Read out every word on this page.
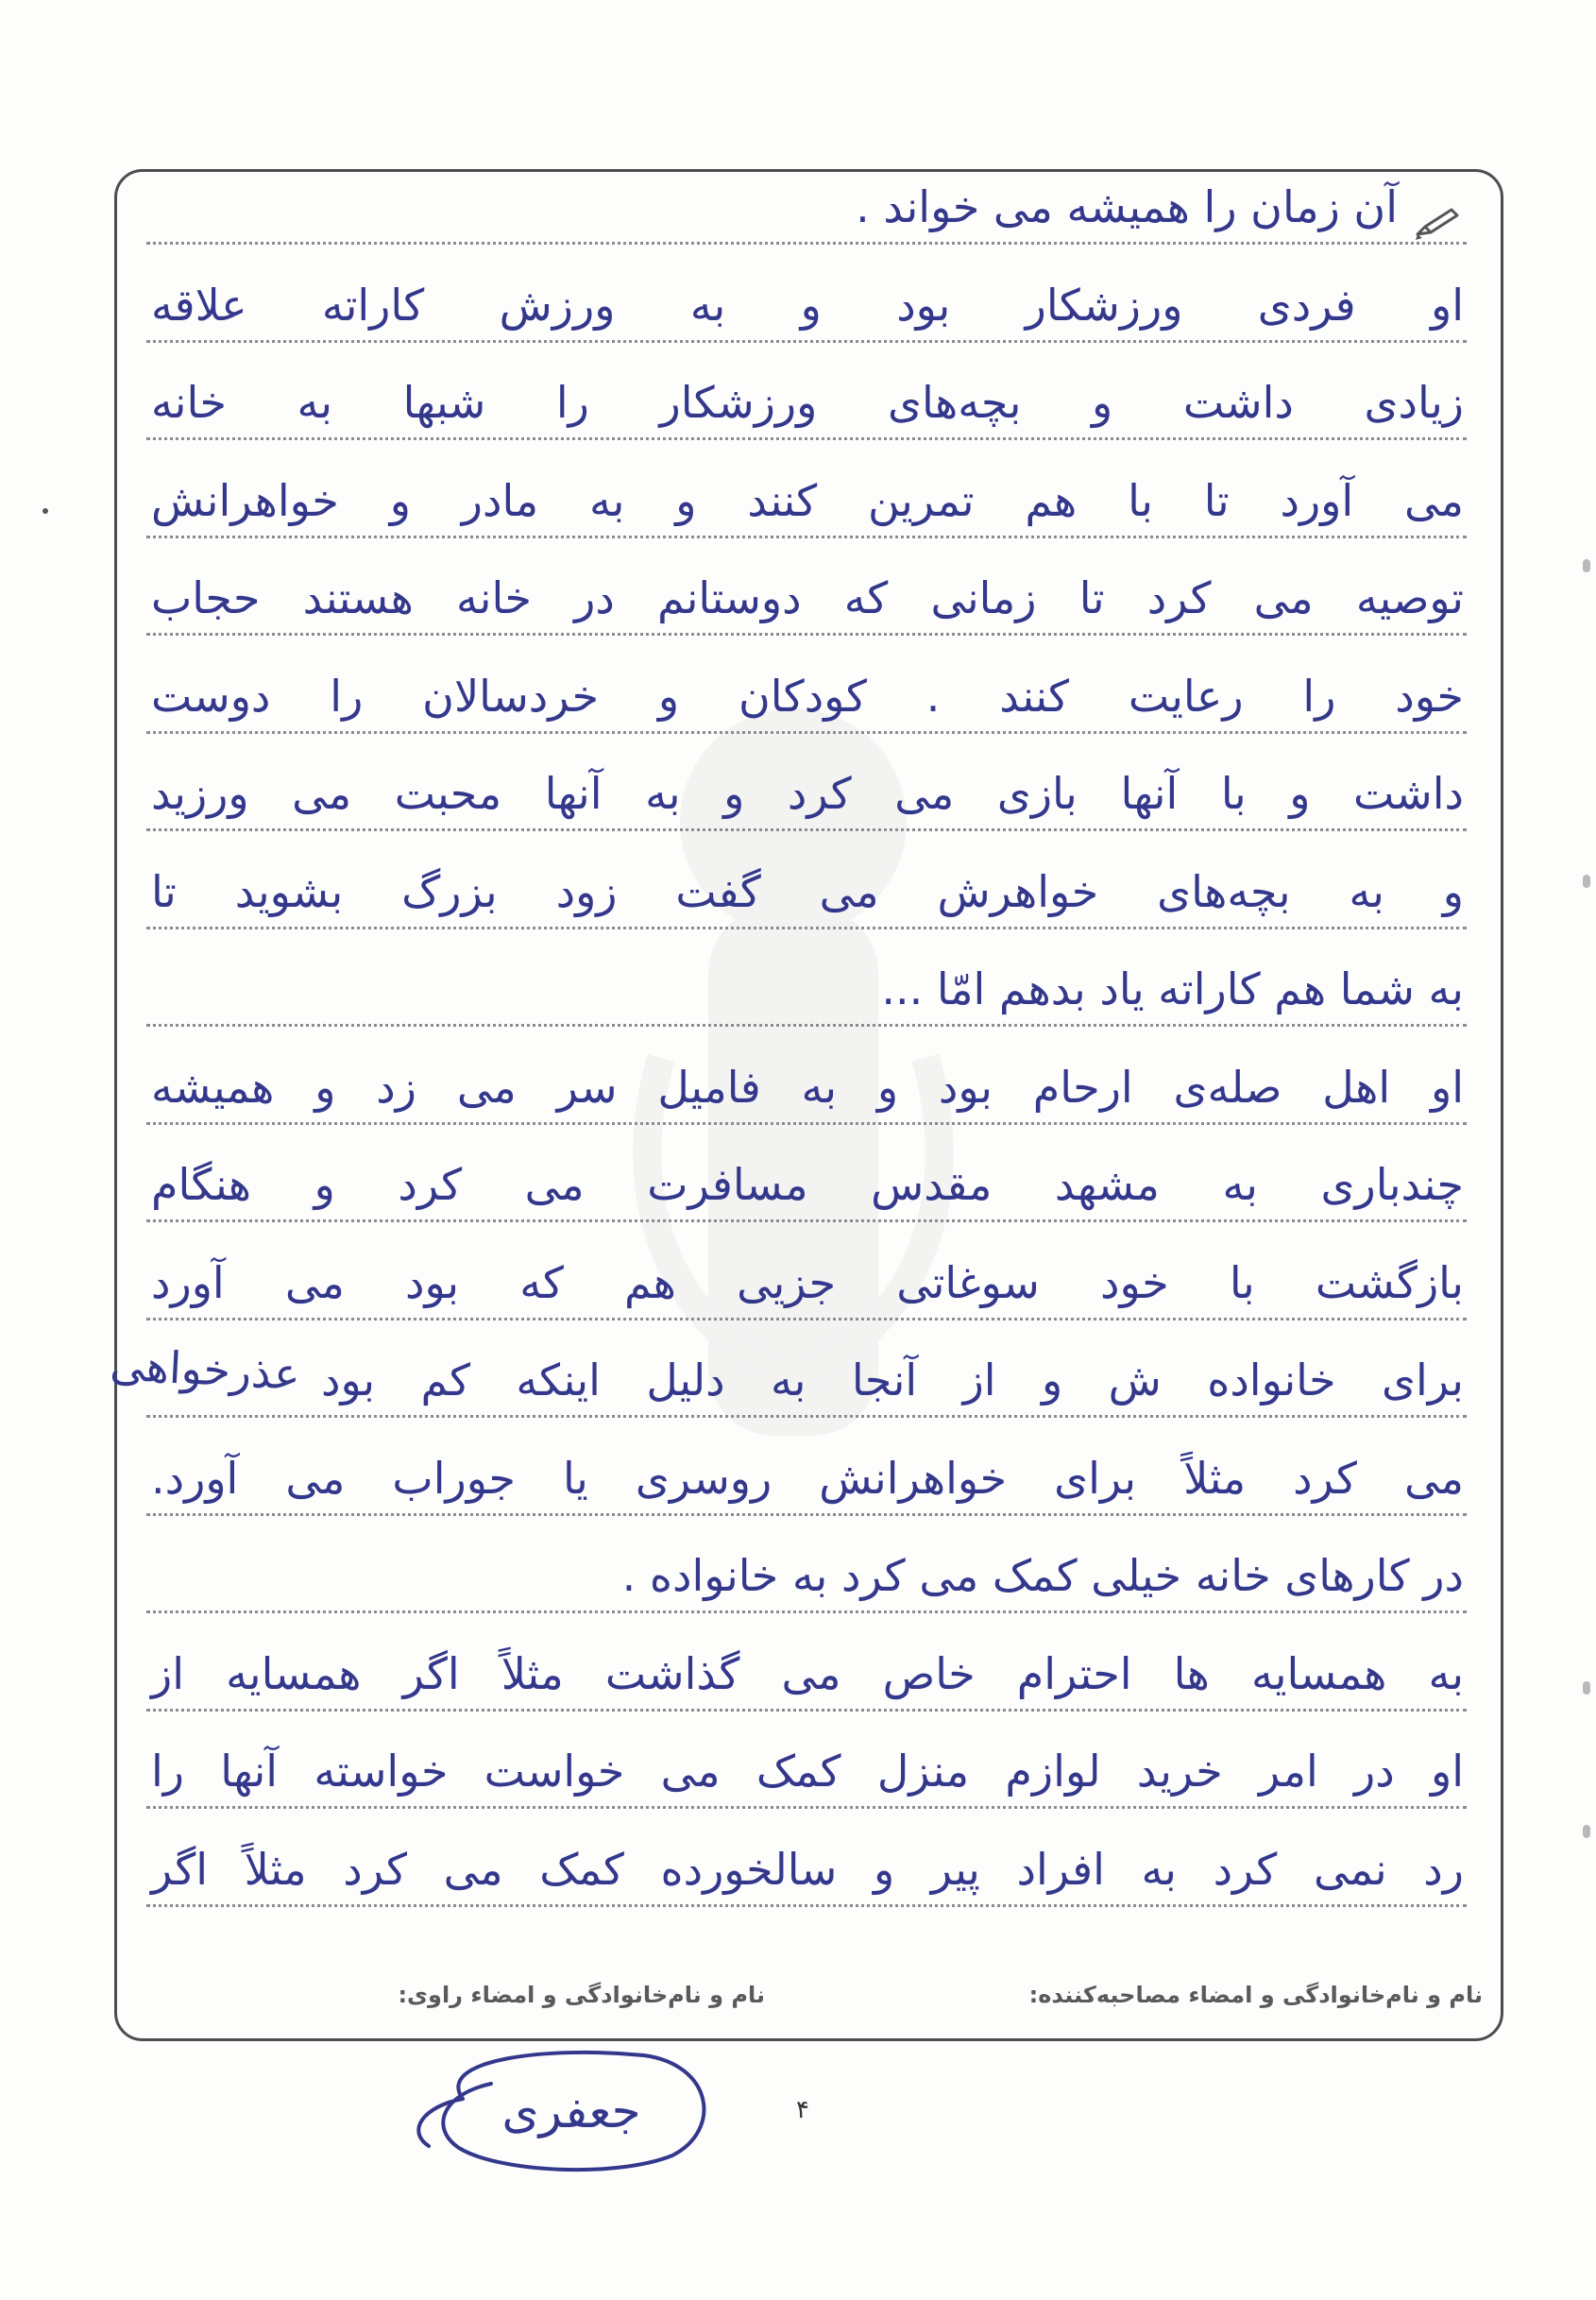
آن زمان را همیشه می خواند .
او فردی ورزشکار بود و به ورزش کاراته علاقه
زیادی داشت و بچه‌های ورزشکار را شبها به خانه
می آورد تا با هم تمرین کنند و به مادر و خواهرانش
توصیه می کرد تا زمانی که دوستانم در خانه هستند حجاب
خود را رعایت کنند . کودکان و خردسالان را دوست
داشت و با آنها بازی می کرد و به آنها محبت می ورزید
و به بچه‌های خواهرش می گفت زود بزرگ بشوید تا
به شما هم کاراته یاد بدهم امّا ...
او اهل صله‌ی ارحام بود و به فامیل سر می زد و همیشه
چندباری به مشهد مقدس مسافرت می کرد و هنگام
بازگشت با خود سوغاتی جزیی هم که بود می آورد
برای خانواده ش و از آنجا به دلیل اینکه کم بود
می کرد مثلاً برای خواهرانش روسری یا جوراب می آورد.
در کارهای خانه خیلی کمک می کرد به خانواده .
به همسایه ها احترام خاص می گذاشت مثلاً اگر همسایه از
او در امر خرید لوازم منزل کمک می خواست خواسته آنها را
رد نمی کرد به افراد پیر و سالخورده کمک می کرد مثلاً اگر
عذرخواهی
نام و نام‌خانوادگی و امضاء مصاحبه‌کننده:
نام و نام‌خانوادگی و امضاء راوی:
جعفری	۴
